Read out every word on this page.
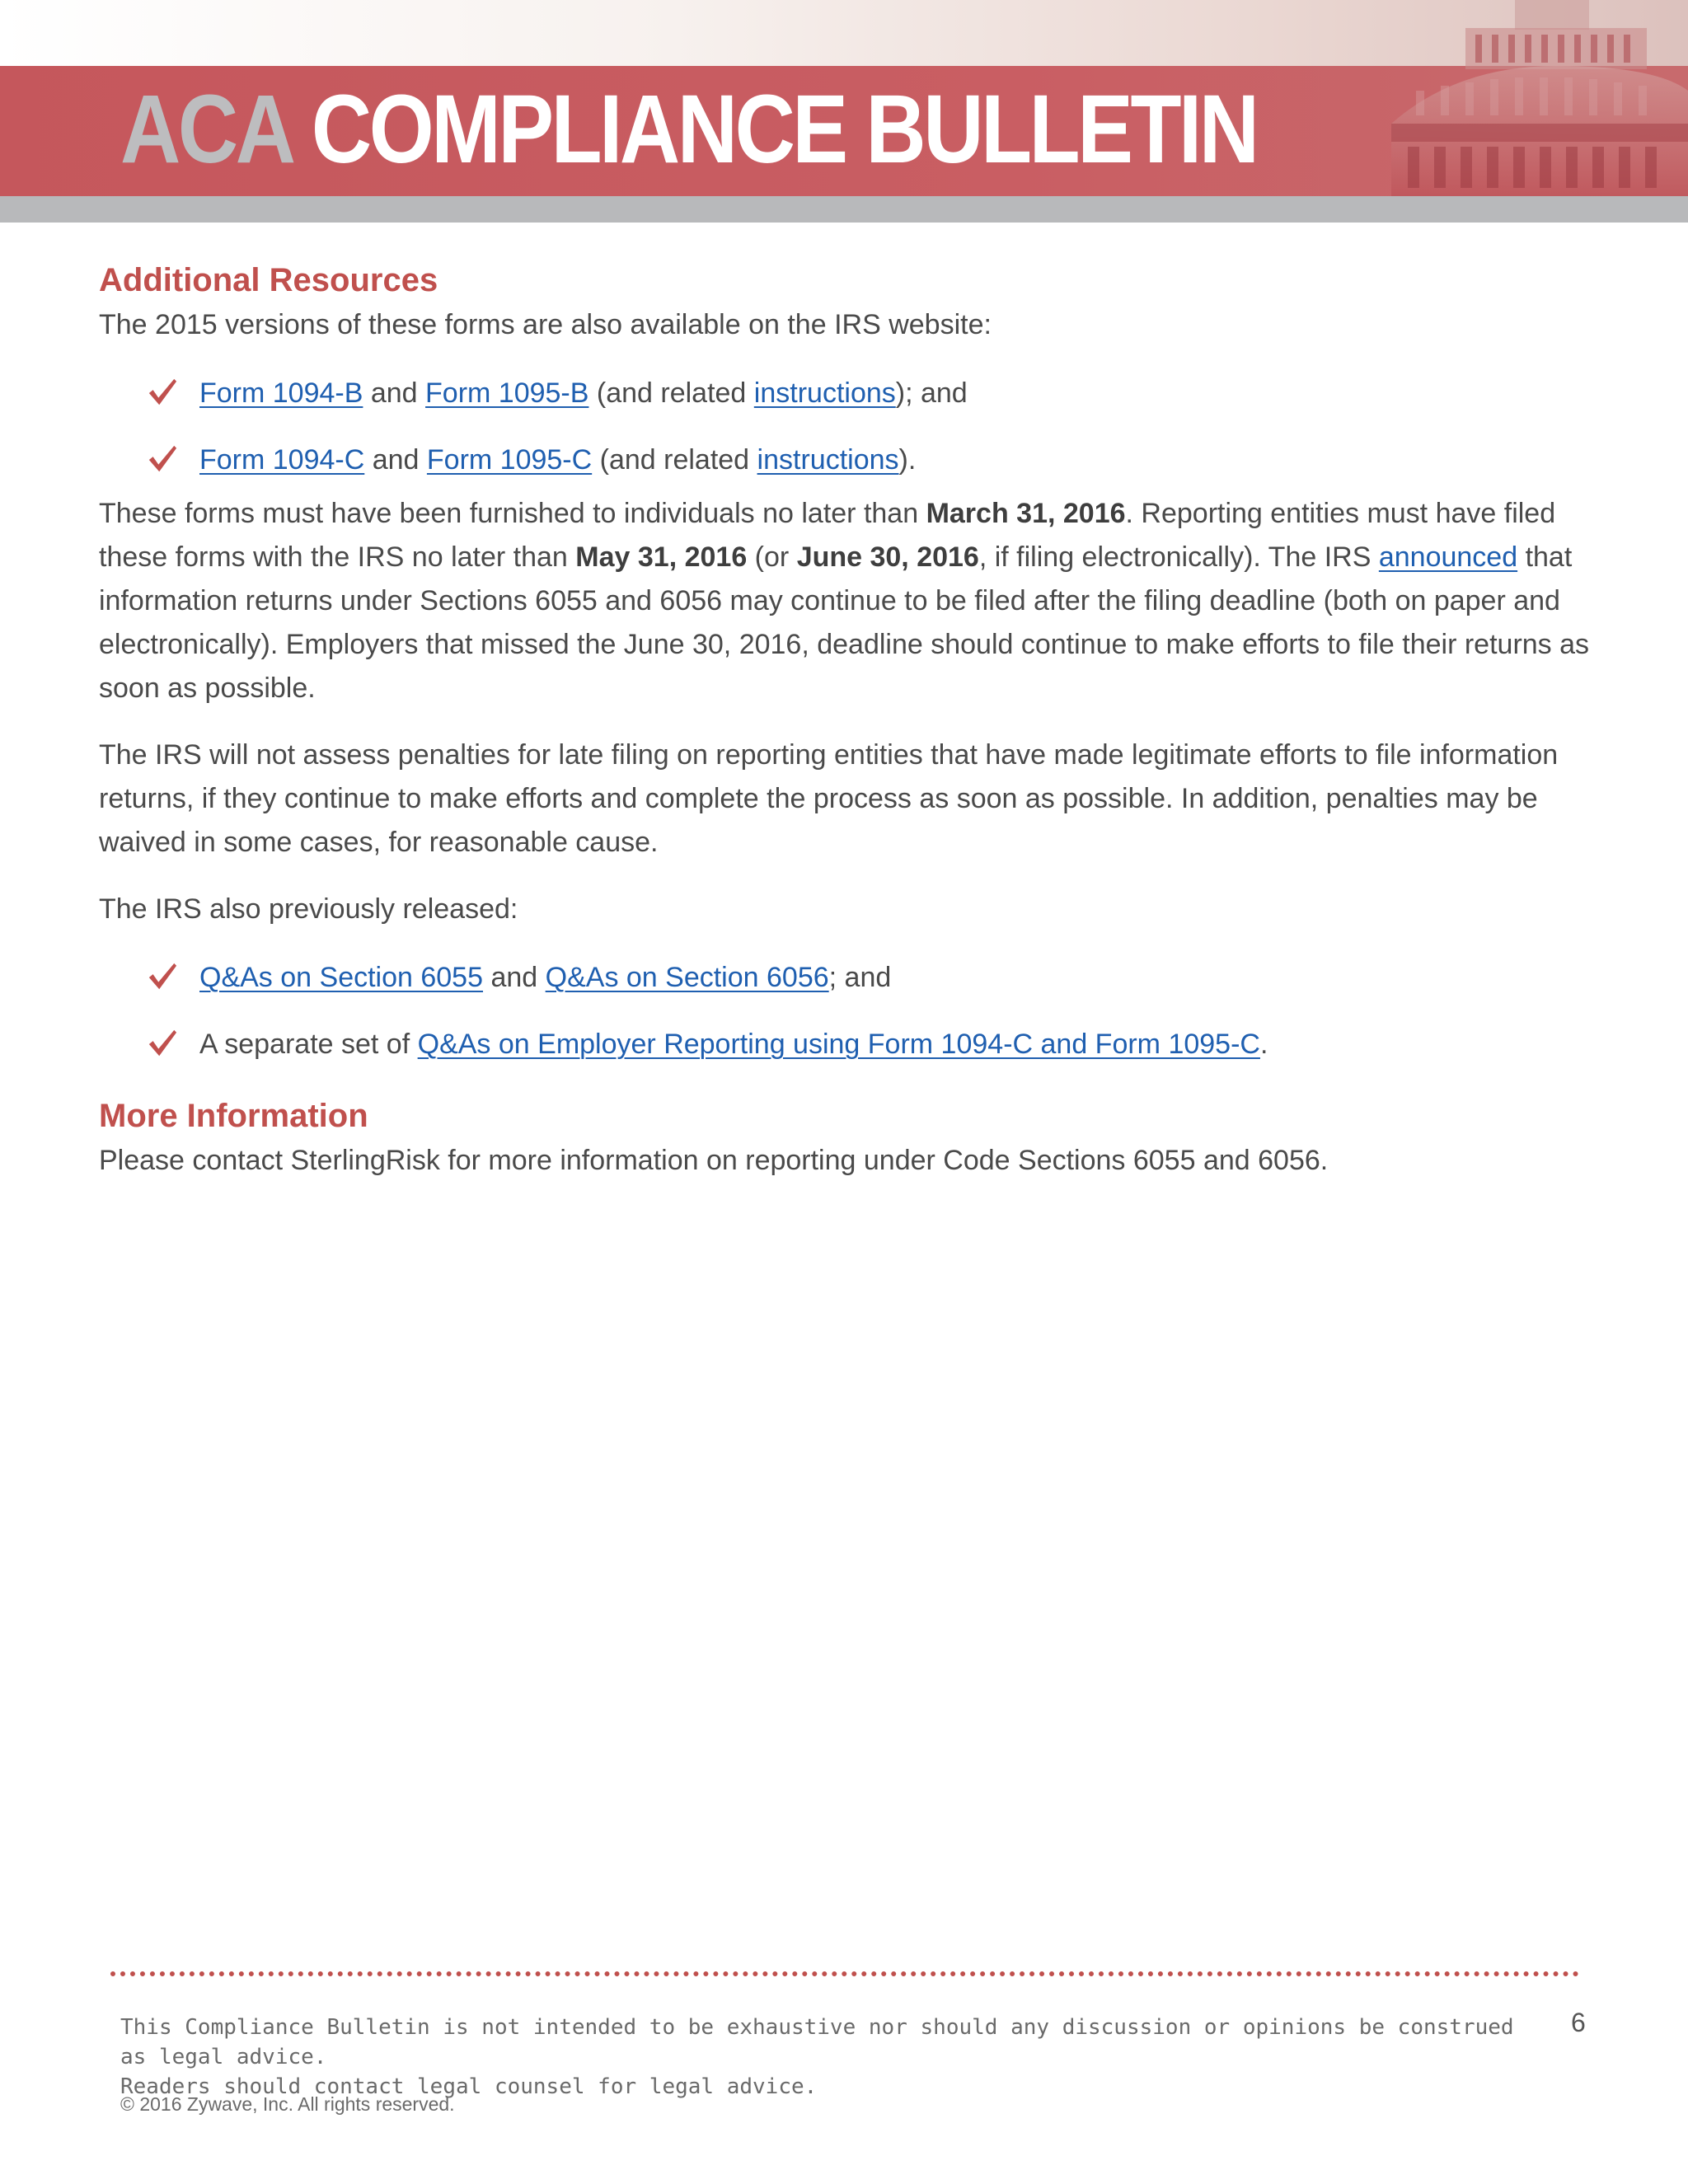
ACA COMPLIANCE BULLETIN
Additional Resources

The 2015 versions of these forms are also available on the IRS website:

Form 1094-B and Form 1095-B (and related instructions); and
Form 1094-C and Form 1095-C (and related instructions).

These forms must have been furnished to individuals no later than March 31, 2016. Reporting entities must have filed these forms with the IRS no later than May 31, 2016 (or June 30, 2016, if filing electronically). The IRS announced that information returns under Sections 6055 and 6056 may continue to be filed after the filing deadline (both on paper and electronically). Employers that missed the June 30, 2016, deadline should continue to make efforts to file their returns as soon as possible.

The IRS will not assess penalties for late filing on reporting entities that have made legitimate efforts to file information returns, if they continue to make efforts and complete the process as soon as possible. In addition, penalties may be waived in some cases, for reasonable cause.

The IRS also previously released:

Q&As on Section 6055 and Q&As on Section 6056; and
A separate set of Q&As on Employer Reporting using Form 1094-C and Form 1095-C.
More Information

Please contact SterlingRisk for more information on reporting under Code Sections 6055 and 6056.

This Compliance Bulletin is not intended to be exhaustive nor should any discussion or opinions be construed as legal advice.
Readers should contact legal counsel for legal advice.
6
© 2016 Zywave, Inc. All rights reserved.
